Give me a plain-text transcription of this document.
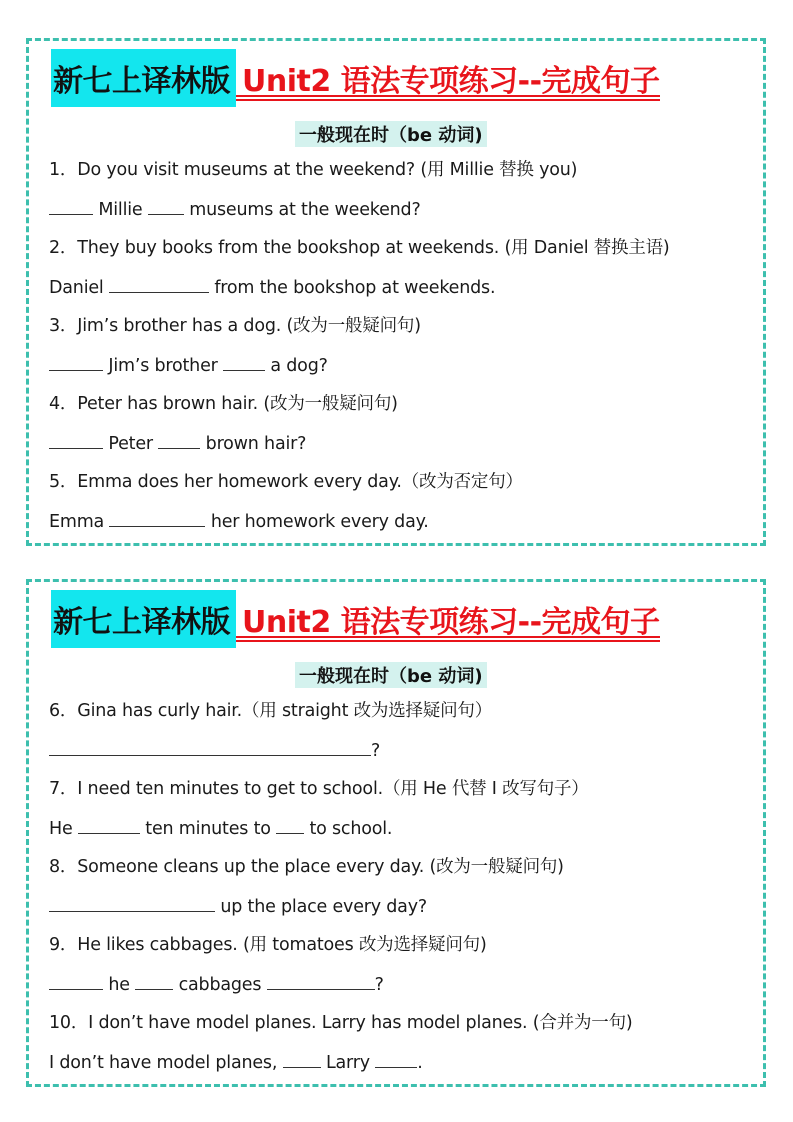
新七上译林版 Unit2 语法专项练习--完成句子
一般现在时（be 动词)
1．Do you visit museums at the weekend? (用 Millie 替换 you)
Millie	museums at the weekend?
2．They buy books from the bookshop at weekends. (用 Daniel 替换主语)
Daniel	from the bookshop at weekends.
3．Jim’s brother has a dog. (改为一般疑问句)
Jim’s brother	a dog?
4．Peter has brown hair. (改为一般疑问句)
Peter	brown hair?
5．Emma does her homework every day.（改为否定句）
Emma	her homework every day.
新七上译林版 Unit2 语法专项练习--完成句子
一般现在时（be 动词)
6．Gina has curly hair.（用 straight 改为选择疑问句）
?
7．I need ten minutes to get to school.（用 He 代替 I 改写句子）
He	ten minutes to to school.
8．Someone cleans up the place every day. (改为一般疑问句)
up the place every day?
9．He likes cabbages. (用 tomatoes 改为选择疑问句)
he	cabbages	?
10．I don’t have model planes. Larry has model planes. (合并为一句)
I don’t have model planes,	Larry	.
